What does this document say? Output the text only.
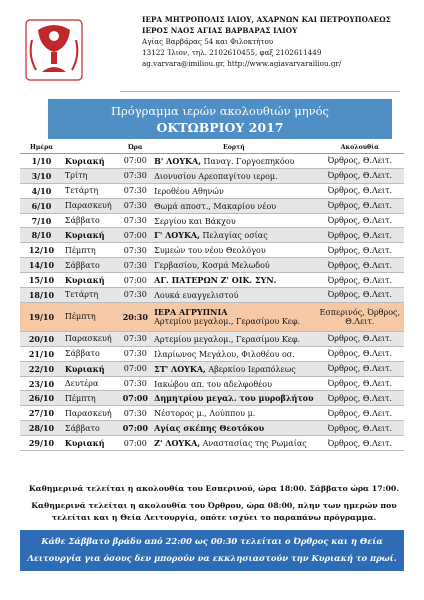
ΙΕΡΑ ΜΗΤΡΟΠΟΛΙΣ ΙΛΙΟΥ, ΑΧΑΡΝΩΝ ΚΑΙ ΠΕΤΡΟΥΠΟΛΕΩΣ
ΙΕΡΟΣ ΝΑΟΣ ΑΓΙΑΣ ΒΑΡΒΑΡΑΣ ΙΛΙΟΥ
Αγίας Βαρβάρας 54 και Φιλοκτήτου
13122 Ίλιον, τηλ. 2102610455, φαξ 2102611449
ag.varvara@imiliou.gr, http://www.agiavarvarailiou.gr/
Πρόγραμμα ιερών ακολουθιών μηνός
ΟΚΤΩΒΡΙΟΥ 2017
Ημέρα		Ώρα	Εορτή	Ακολουθία
1/10	Κυριακή	07:00	Β' ΛΟΥΚΑ, Παναγ. Γοργοεπηκόου	Όρθρος, Θ.Λειτ.
3/10	Τρίτη	07:30	Διονυσίου Αρεοπαγίτου ιερομ.	Όρθρος, Θ.Λειτ.
4/10	Τετάρτη	07:30	Ιεροθέου Αθηνών	Όρθρος, Θ.Λειτ.
6/10	Παρασκευή	07:30	Θωμά αποστ., Μακαρίου νέου	Όρθρος, Θ.Λειτ.
7/10	Σάββατο	07:30	Σεργίου και Βάκχου	Όρθρος, Θ.Λειτ.
8/10	Κυριακή	07:00	Γ' ΛΟΥΚΑ, Πελαγίας οσίας	Όρθρος, Θ.Λειτ.
12/10	Πέμπτη	07:30	Συμεών του νέου Θεολόγου	Όρθρος, Θ.Λειτ.
14/10	Σάββατο	07:30	Γερβασίου, Κοσμά Μελωδού	Όρθρος, Θ.Λειτ.
15/10	Κυριακή	07:00	ΑΓ. ΠΑΤΕΡΩΝ Ζ' ΟΙΚ. ΣΥΝ.	Όρθρος, Θ.Λειτ.
18/10	Τετάρτη	07:30	Λουκά ευαγγελιστού	Όρθρος, Θ.Λειτ.
19/10	Πέμπτη	20:30	ΙΕΡΑ ΑΓΡΥΠΝΙΑ
Αρτεμίου μεγαλομ., Γερασίμου Κεφ.	Εσπερινός, Όρθρος, Θ.Λειτ.
20/10	Παρασκευή	07:30	Αρτεμίου μεγαλομ., Γερασίμου Κεφ.	Όρθρος, Θ.Λειτ.
21/10	Σάββατο	07:30	Ιλαρίωνος Μεγάλου, Φιλοθέου οσ.	Όρθρος, Θ.Λειτ.
22/10	Κυριακή	07:00	ΣΤ' ΛΟΥΚΑ, Αβερκίου Ιεραπόλεως	Όρθρος, Θ.Λειτ.
23/10	Δευτέρα	07:30	Ιακώβου απ. του αδελφοθέου	Όρθρος, Θ.Λειτ.
26/10	Πέμπτη	07:00	Δημητρίου μεγαλ. του μυροβλήτου	Όρθρος, Θ.Λειτ.
27/10	Παρασκευή	07:30	Νέστορος μ., Λούππου μ.	Όρθρος, Θ.Λειτ.
28/10	Σάββατο	07:00	Αγίας σκέπης Θεοτόκου	Όρθρος, Θ.Λειτ.
29/10	Κυριακή	07:00	Ζ' ΛΟΥΚΑ, Αναστασίας της Ρωμαίας	Όρθρος, Θ.Λειτ.
Καθημερινά τελείται η ακολουθία του Εσπερινού, ώρα 18:00. Σάββατο ώρα 17:00.
Καθημερινά τελείται η ακολουθία του Όρθρου, ώρα 08:00, πλην των ημερών που τελείται και η Θεία Λειτουργία, οπότε ισχύει το παραπάνω πρόγραμμα.
Κάθε Σάββατο βράδυ από 22:00 ως 00:30 τελείται ο Όρθρος και η Θεία Λειτουργία για όσους δεν μπορούν να εκκλησιαστούν την Κυριακή το πρωί.
